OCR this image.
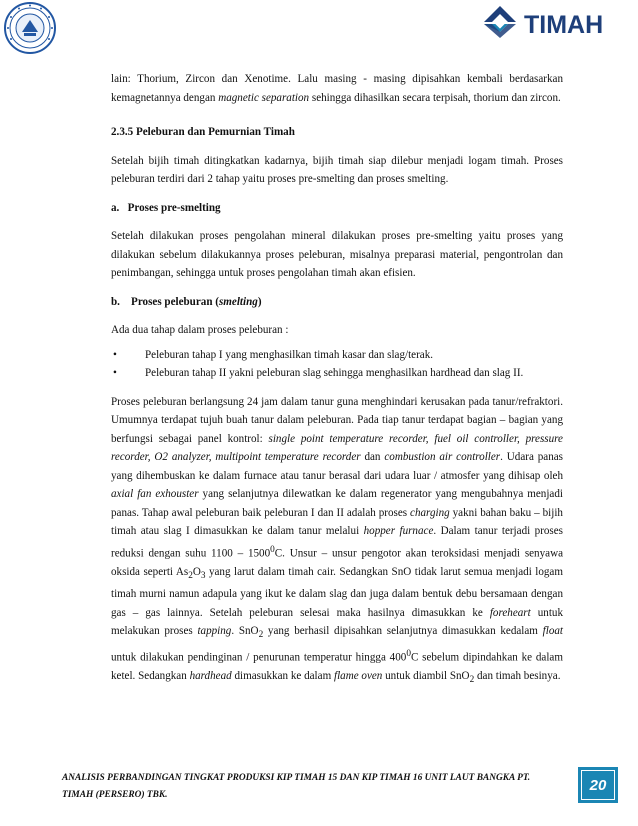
TIMAH

lain: Thorium, Zircon dan Xenotime. Lalu masing - masing dipisahkan kembali berdasarkan kemagnetannya dengan magnetic separation sehingga dihasilkan secara terpisah, thorium dan zircon.

2.3.5 Peleburan dan Pemurnian Timah

Setelah bijih timah ditingkatkan kadarnya, bijih timah siap dilebur menjadi logam timah. Proses peleburan terdiri dari 2 tahap yaitu proses pre-smelting dan proses smelting.

a.   Proses pre-smelting

Setelah dilakukan proses pengolahan mineral dilakukan proses pre-smelting yaitu proses yang dilakukan sebelum dilakukannya proses peleburan, misalnya preparasi material, pengontrolan dan penimbangan, sehingga untuk proses pengolahan timah akan efisien.

b.    Proses peleburan (smelting)

Ada dua tahap dalam proses peleburan :

•	Peleburan tahap I yang menghasilkan timah kasar dan slag/terak.
•	Peleburan tahap II yakni peleburan slag sehingga menghasilkan hardhead dan slag II.

Proses peleburan berlangsung 24 jam dalam tanur guna menghindari kerusakan pada tanur/refraktori. Umumnya terdapat tujuh buah tanur dalam peleburan. Pada tiap tanur terdapat bagian – bagian yang berfungsi sebagai panel kontrol: single point temperature recorder, fuel oil controller, pressure recorder, O2 analyzer, multipoint temperature recorder dan combustion air controller. Udara panas yang dihembuskan ke dalam furnace atau tanur berasal dari udara luar / atmosfer yang dihisap oleh axial fan exhouster yang selanjutnya dilewatkan ke dalam regenerator yang mengubahnya menjadi panas. Tahap awal peleburan baik peleburan I dan II adalah proses charging yakni bahan baku – bijih timah atau slag I dimasukkan ke dalam tanur melalui hopper furnace. Dalam tanur terjadi proses reduksi dengan suhu 1100 – 1500$^0$C. Unsur – unsur pengotor akan teroksidasi menjadi senyawa oksida seperti $As_2O_3$ yang larut dalam timah cair. Sedangkan SnO tidak larut semua menjadi logam timah murni namun adapula yang ikut ke dalam slag dan juga dalam bentuk debu bersamaan dengan gas – gas lainnya. Setelah peleburan selesai maka hasilnya dimasukkan ke foreheart untuk melakukan proses tapping. SnO$_2$ yang berhasil dipisahkan selanjutnya dimasukkan kedalam float untuk dilakukan pendinginan / penurunan temperatur hingga $400^0C$ sebelum dipindahkan ke dalam ketel. Sedangkan hardhead dimasukkan ke dalam flame oven untuk diambil SnO$_2$ dan timah besinya.

ANALISIS PERBANDINGAN TINGKAT PRODUKSI KIP TIMAH 15 DAN KIP TIMAH 16 UNIT LAUT BANGKA PT. TIMAH (PERSERO) TBK.
20
